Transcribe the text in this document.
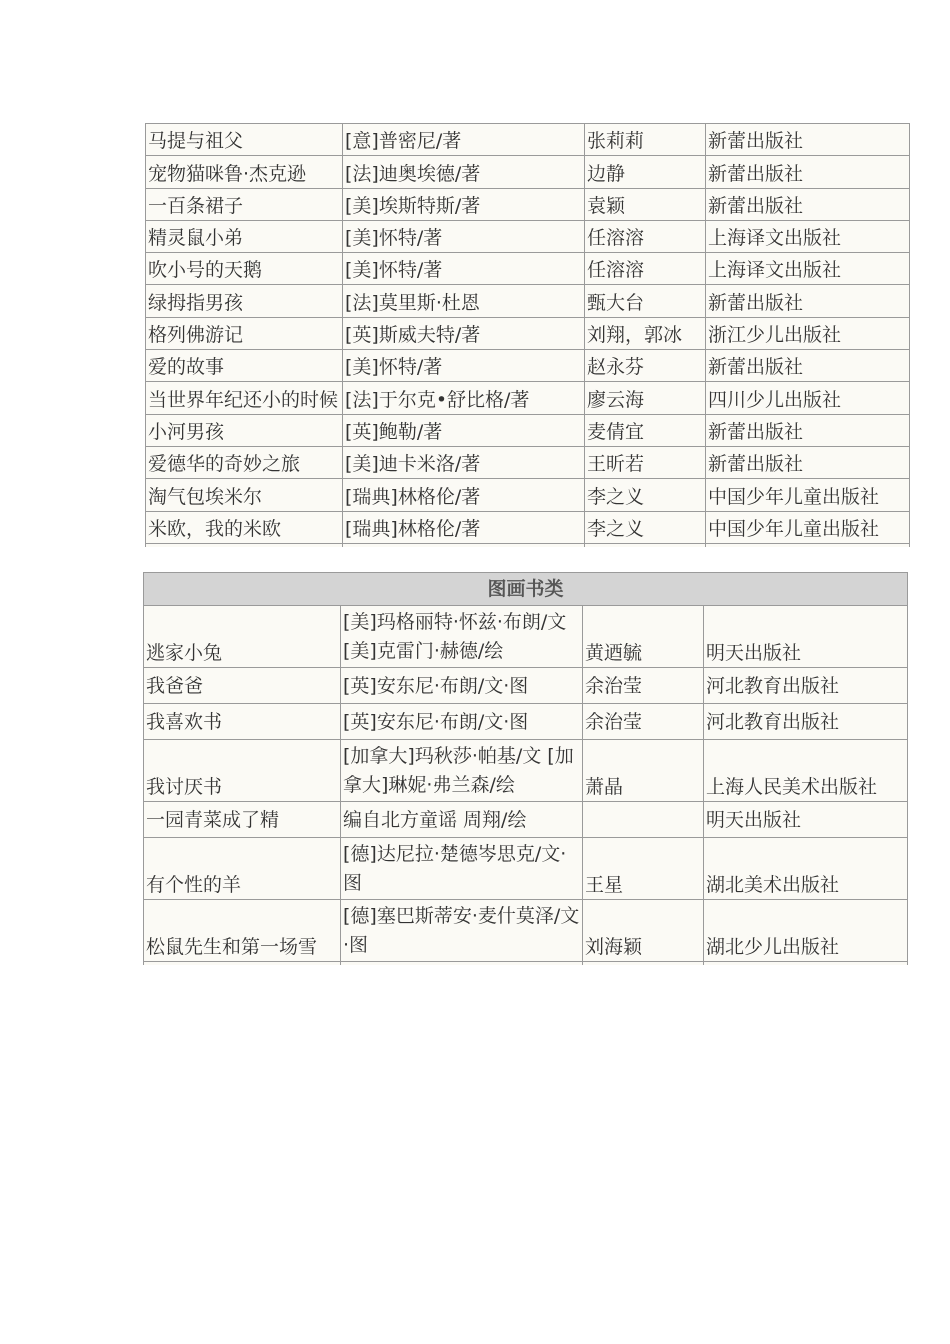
马提与祖父	[意]普密尼/著	张莉莉	新蕾出版社
宠物猫咪鲁·杰克逊	[法]迪奥埃德/著	边静	新蕾出版社
一百条裙子	[美]埃斯特斯/著	袁颖	新蕾出版社
精灵鼠小弟	[美]怀特/著	任溶溶	上海译文出版社
吹小号的天鹅	[美]怀特/著	任溶溶	上海译文出版社
绿拇指男孩	[法]莫里斯·杜恩	甄大台	新蕾出版社
格列佛游记	[英]斯威夫特/著	刘翔，郭冰	浙江少儿出版社
爱的故事	[美]怀特/著	赵永芬	新蕾出版社
当世界年纪还小的时候	[法]于尔克•舒比格/著	廖云海	四川少儿出版社
小河男孩	[英]鲍勒/著	麦倩宜	新蕾出版社
爱德华的奇妙之旅	[美]迪卡米洛/著	王昕若	新蕾出版社
淘气包埃米尔	[瑞典]林格伦/著	李之义	中国少年儿童出版社
米欧，我的米欧	[瑞典]林格伦/著	李之义	中国少年儿童出版社

图画书类			
逃家小兔	[美]玛格丽特·怀兹·布朗/文[美]克雷门·赫德/绘	黄迺毓	明天出版社
我爸爸	[英]安东尼·布朗/文·图	余治莹	河北教育出版社
我喜欢书	[英]安东尼·布朗/文·图	余治莹	河北教育出版社
我讨厌书	[加拿大]玛秋莎·帕基/文 [加拿大]琳妮·弗兰森/绘	萧晶	上海人民美术出版社
一园青菜成了精	编自北方童谣 周翔/绘		明天出版社
有个性的羊	[德]达尼拉·楚德岑思克/文·图	王星	湖北美术出版社
松鼠先生和第一场雪	[德]塞巴斯蒂安·麦什莫泽/文·图	刘海颖	湖北少儿出版社
